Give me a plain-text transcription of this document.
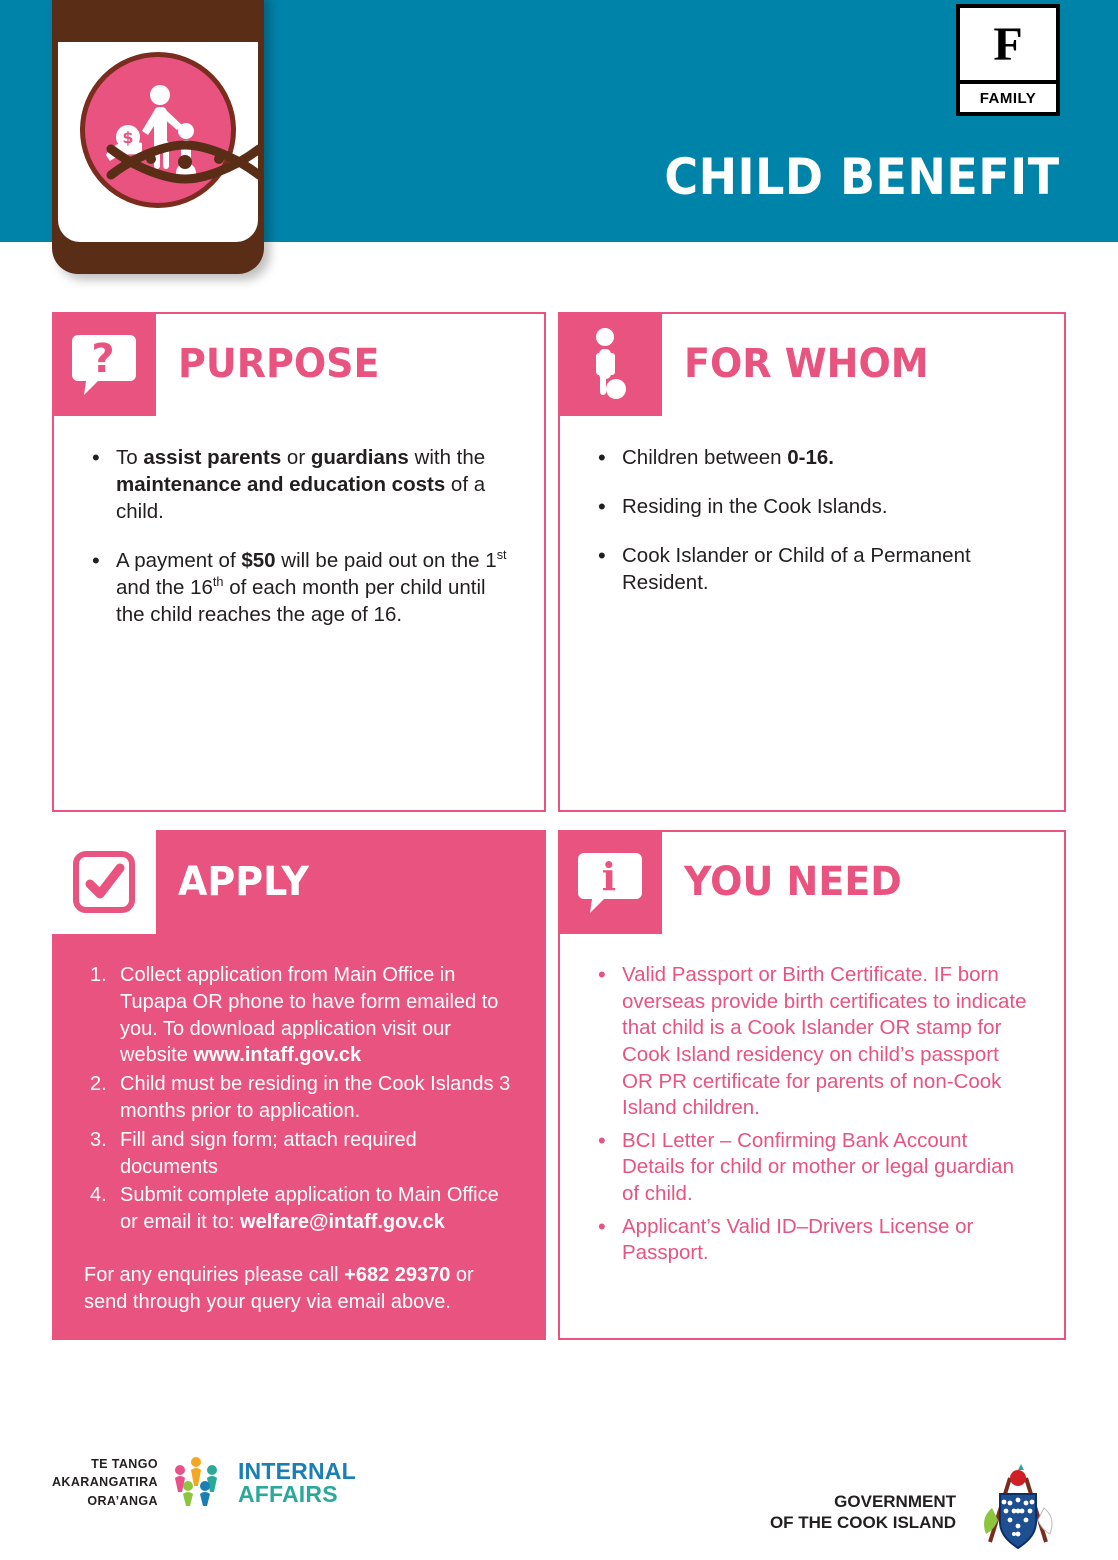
F
FAMILY
CHILD BENEFIT
$
? PURPOSE
• To assist parents or guardians with the maintenance and education costs of a child.
• A payment of $50 will be paid out on the 1st and the 16th of each month per child until the child reaches the age of 16.
FOR WHOM
• Children between 0-16.
• Residing in the Cook Islands.
• Cook Islander or Child of a Permanent Resident.
APPLY
Collect application from Main Office in Tupapa OR phone to have form emailed to you. To download application visit our website www.intaff.gov.ck
Child must be residing in the Cook Islands 3 months prior to application.
Fill and sign form; attach required documents
Submit complete application to Main Office or email it to: welfare@intaff.gov.ck
For any enquiries please call +682 29370 or send through your query via email above.
i YOU NEED
• Valid Passport or Birth Certificate. IF born overseas provide birth certificates to indicate that child is a Cook Islander OR stamp for Cook Island residency on child’s passport OR PR certificate for parents of non-Cook Island children.
• BCI Letter – Confirming Bank Account Details for child or mother or legal guardian of child.
• Applicant’s Valid ID–Drivers License or Passport.
TE TANGO
AKARANGATIRA
ORA’ANGA
INTERNAL
AFFAIRS	GOVERNMENT
OF THE COOK ISLAND
